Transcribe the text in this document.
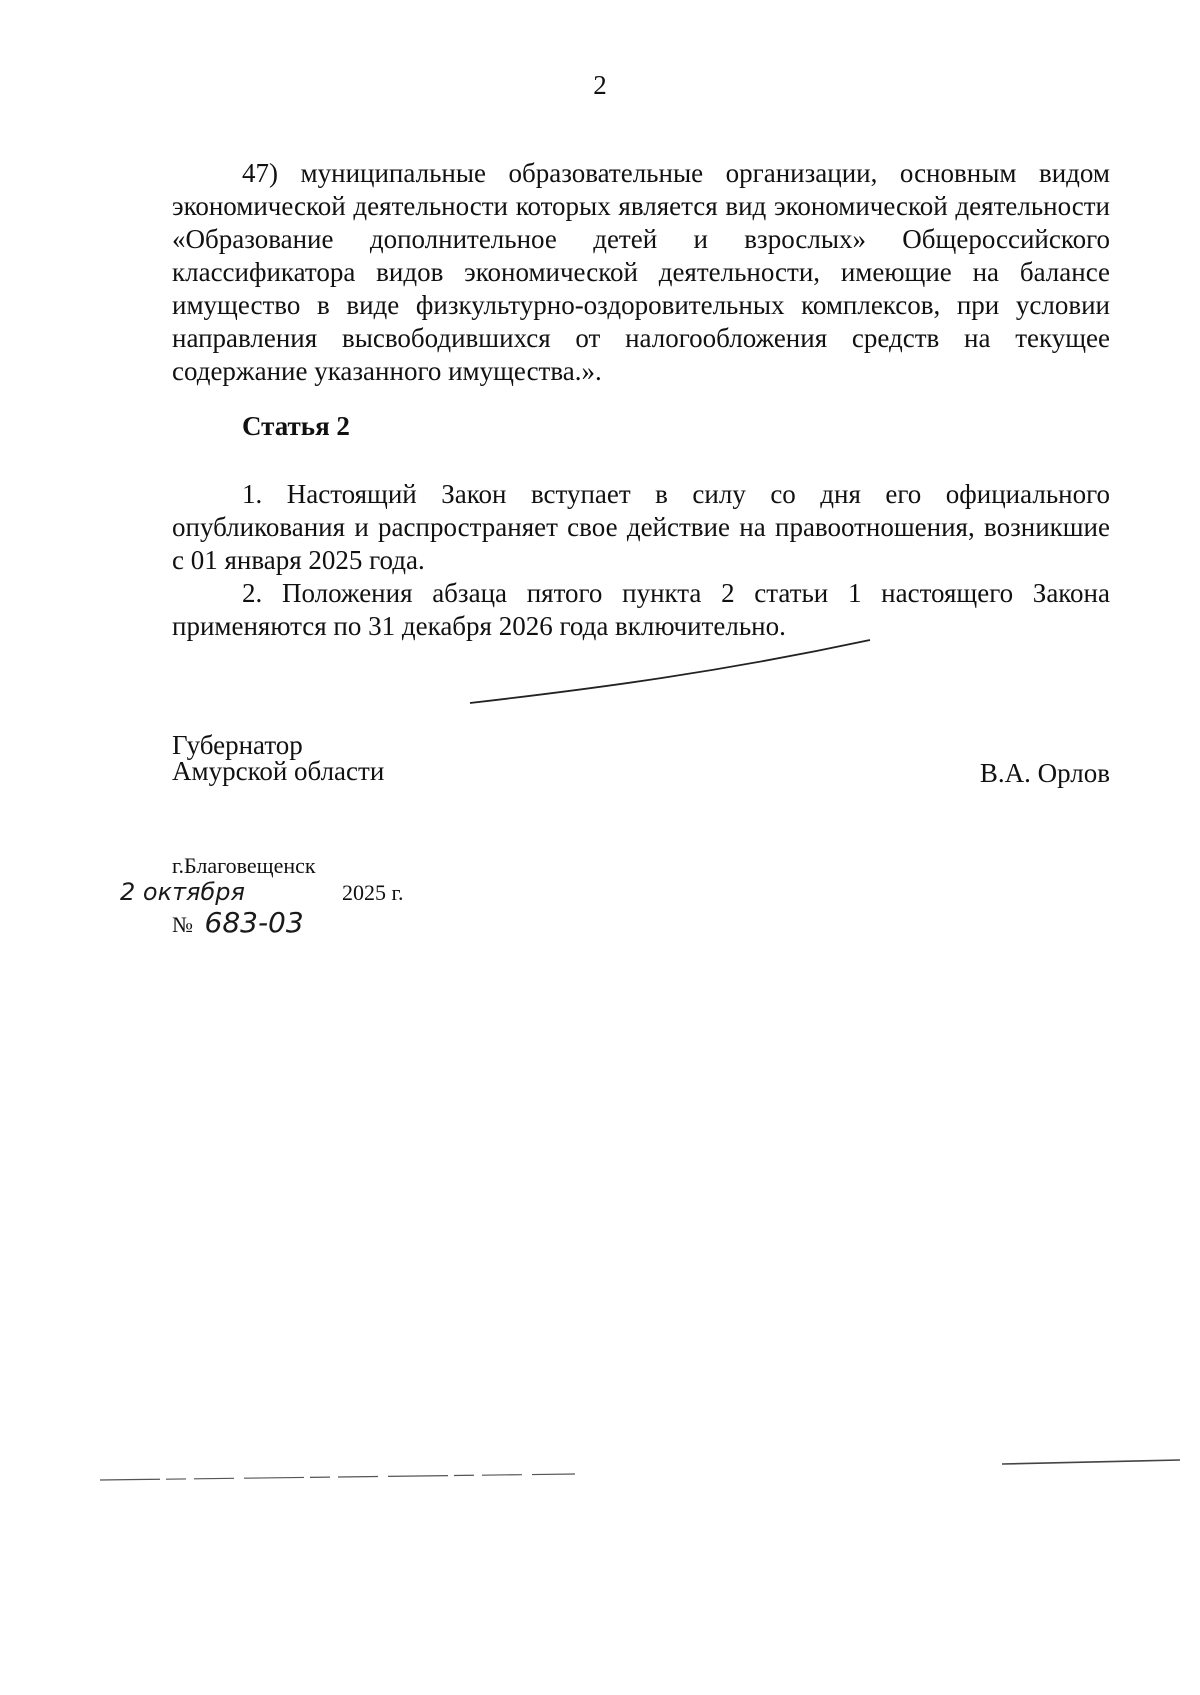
2
47) муниципальные образовательные организации, основным видом экономической деятельности которых является вид экономической деятельности «Образование дополнительное детей и взрослых» Общероссийского классификатора видов экономической деятельности, имеющие на балансе имущество в виде физкультурно-оздоровительных комплексов, при условии направления высвободившихся от налогообложения средств на текущее содержание указанного имущества.».
Статья 2
1. Настоящий Закон вступает в силу со дня его официального опубликования и распространяет свое действие на правоотношения, возникшие с 01 января 2025 года.
2. Положения абзаца пятого пункта 2 статьи 1 настоящего Закона применяются по 31 декабря 2026 года включительно.
Губернатор
Амурской области	В.А. Орлов
г.Благовещенск
2 октября	2025 г.
№ 683-03
